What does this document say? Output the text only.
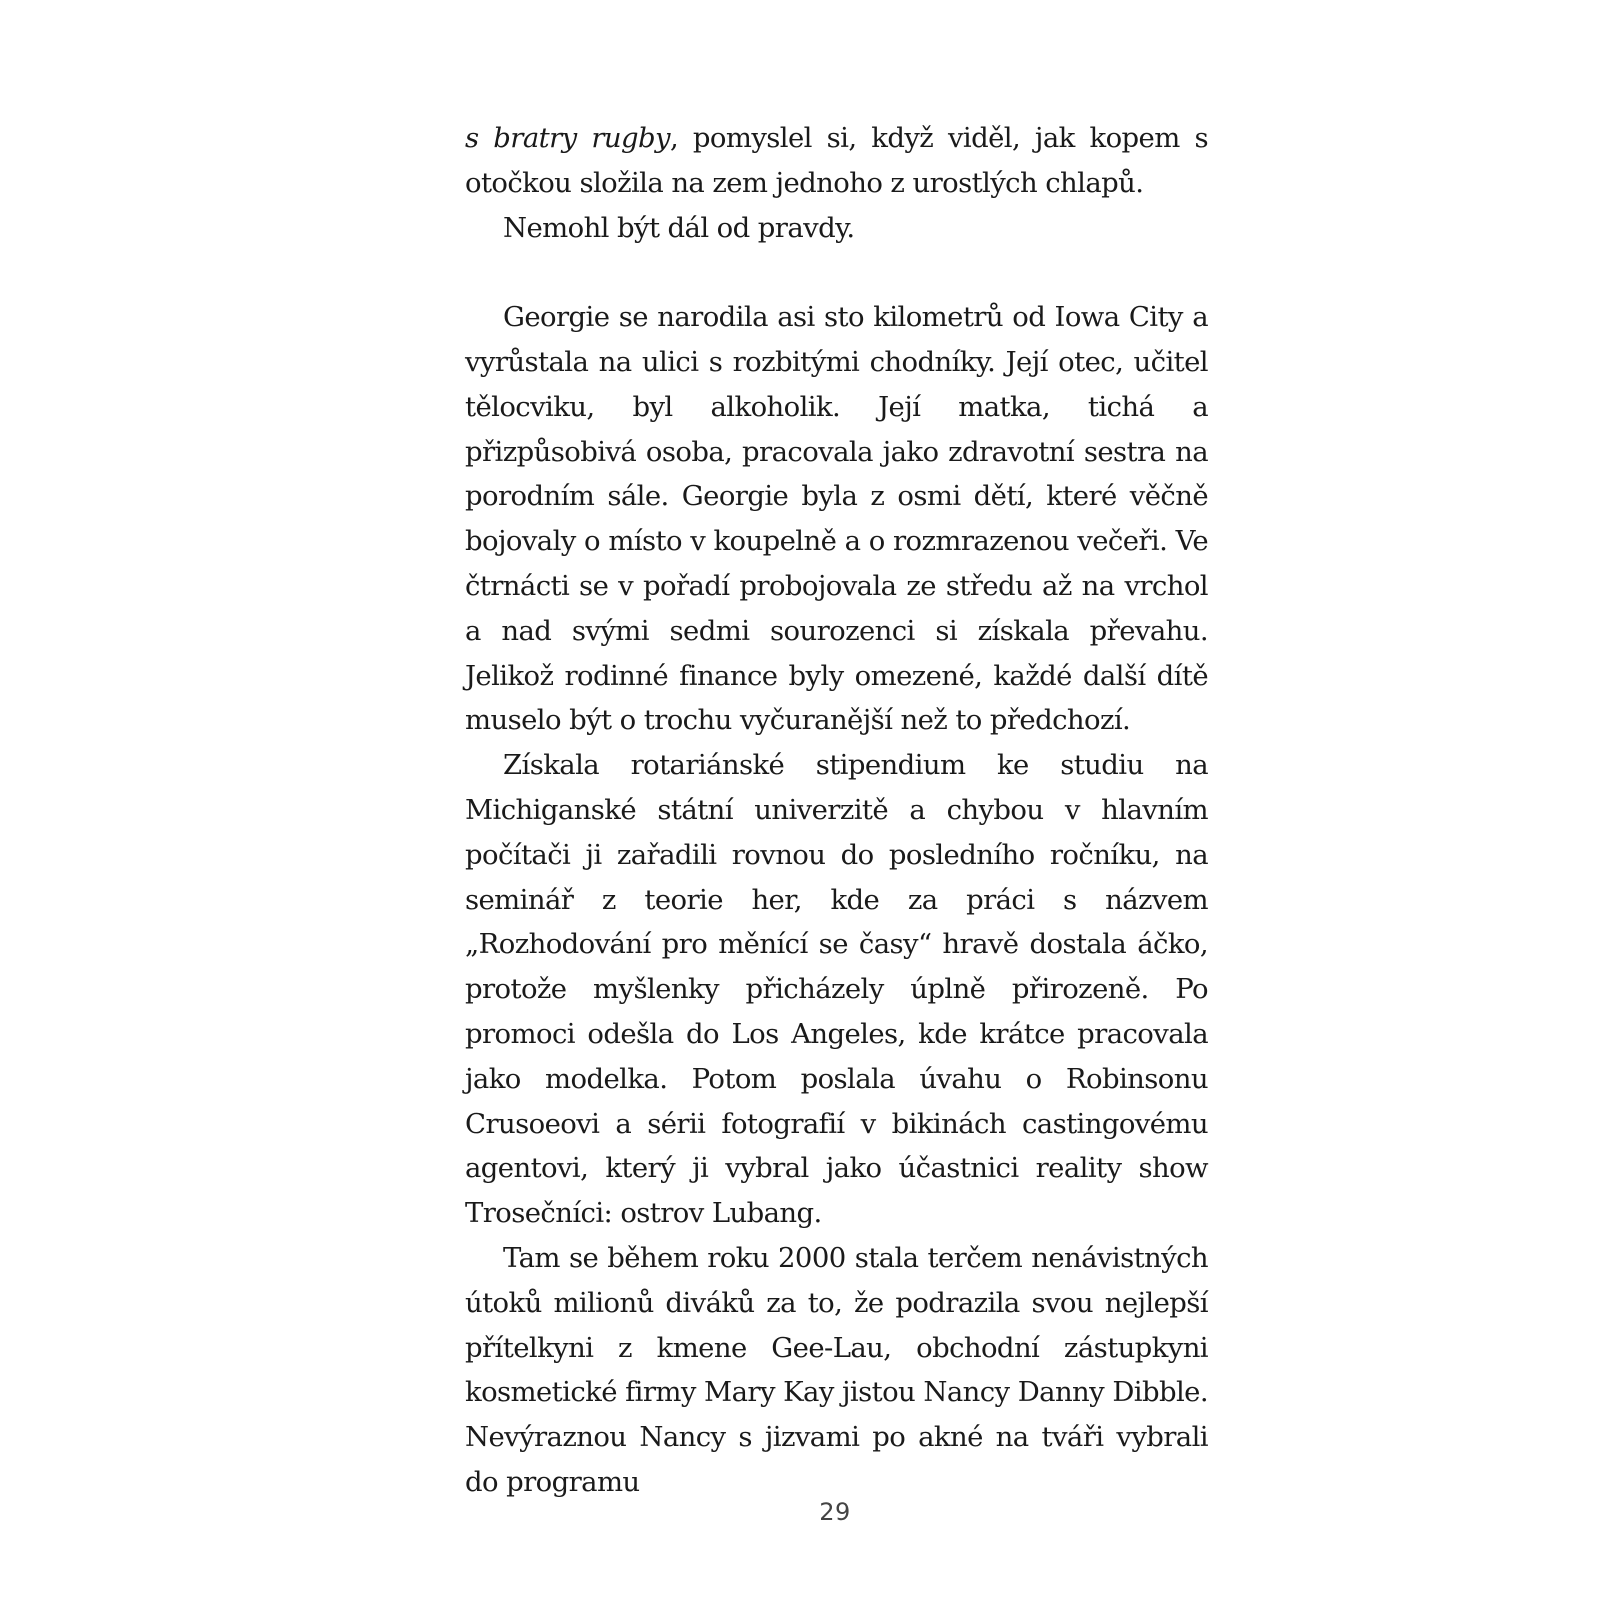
s bratry rugby, pomyslel si, když viděl, jak kopem s otočkou složila na zem jednoho z urostlých chlapů.

Nemohl být dál od pravdy.

Georgie se narodila asi sto kilometrů od Iowa City a vyrůstala na ulici s rozbitými chodníky. Její otec, učitel tělocviku, byl alkoholik. Její matka, tichá a přizpůsobivá osoba, pracovala jako zdravotní sestra na porodním sále. Georgie byla z osmi dětí, které věčně bojovaly o místo v koupelně a o rozmrazenou večeři. Ve čtrnácti se v pořadí probojovala ze středu až na vrchol a nad svými sedmi sourozenci si získala převahu. Jelikož rodinné finance byly omezené, každé další dítě muselo být o trochu vyčuranější než to předchozí.

Získala rotariánské stipendium ke studiu na Michiganské státní univerzitě a chybou v hlavním počítači ji zařadili rovnou do posledního ročníku, na seminář z teorie her, kde za práci s názvem „Rozhodování pro měnící se časy“ hravě dostala áčko, protože myšlenky přicházely úplně přirozeně. Po promoci odešla do Los Angeles, kde krátce pracovala jako modelka. Potom poslala úvahu o Robinsonu Crusoeovi a sérii fotografií v bikinách castingovému agentovi, který ji vybral jako účastnici reality show Trosečníci: ostrov Lubang.

Tam se během roku 2000 stala terčem nenávistných útoků milionů diváků za to, že podrazila svou nejlepší přítelkyni z kmene Gee-Lau, obchodní zástupkyni kosmetické firmy Mary Kay jistou Nancy Danny Dibble. Nevýraznou Nancy s jizvami po akné na tváři vybrali do programu

29
